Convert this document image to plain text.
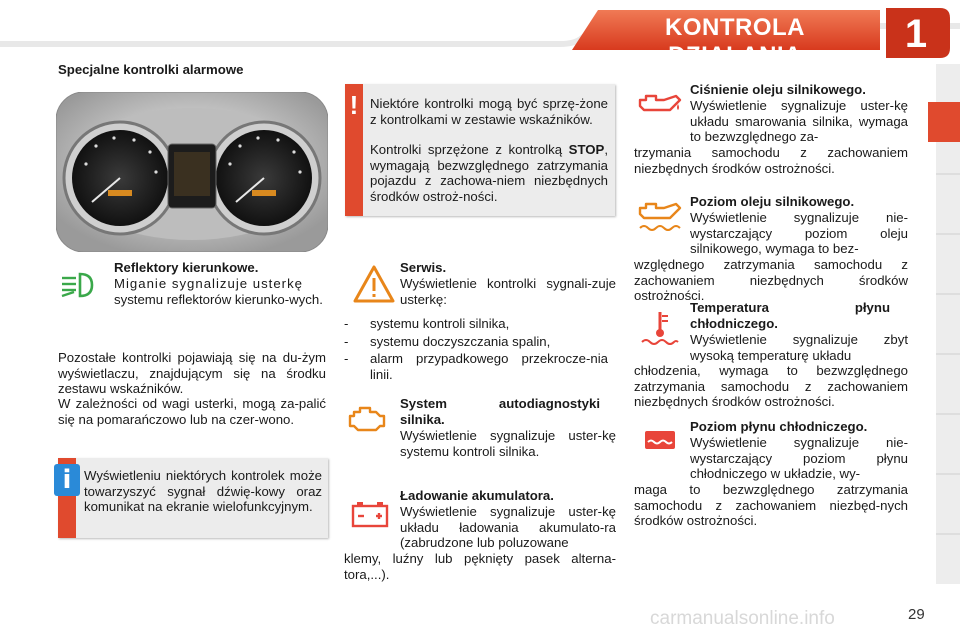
KONTROLA DZIAŁANIA	1
Specjalne kontrolki alarmowe
Reflektory kierunkowe.
Miganie sygnalizuje usterkę
systemu reflektorów kierunko-wych.
Pozostałe kontrolki pojawiają się na du-żym wyświetlaczu, znajdującym się na środku zestawu wskaźników.
W zależności od wagi usterki, mogą za-palić się na pomarańczowo lub na czer-wono.
i Wyświetleniu niektórych kontrolek może towarzyszyć sygnał dźwię-kowy oraz komunikat na ekranie wielofunkcyjnym.
! Niektóre kontrolki mogą być sprzę-żone z kontrolkami w zestawie wskaźników.
Kontrolki sprzężone z kontrolką STOP, wymagają bezwzględnego zatrzymania pojazdu z zachowa-niem niezbędnych środków ostroż-ności.
Serwis.
Wyświetlenie kontrolki sygnali-zuje usterkę:
-	systemu kontroli silnika,
-	systemu doczyszczania spalin,
-	alarm przypadkowego przekrocze-nia linii.
System autodiagnostyki silnika.
Wyświetlenie sygnalizuje uster-kę systemu kontroli silnika.
Ładowanie akumulatora.
Wyświetlenie sygnalizuje uster-kę układu ładowania akumulato-ra (zabrudzone lub poluzowane
klemy, luźny lub pęknięty pasek alterna-tora,...).
Ciśnienie oleju silnikowego.
Wyświetlenie sygnalizuje uster-kę układu smarowania silnika, wymaga to bezwzględnego za-
trzymania samochodu z zachowaniem niezbędnych środków ostrożności.
Poziom oleju silnikowego.
Wyświetlenie sygnalizuje nie-wystarczający poziom oleju silnikowego, wymaga to bez-
względnego zatrzymania samochodu z zachowaniem niezbędnych środków ostrożności.
Temperatura płynu chłodniczego.
Wyświetlenie sygnalizuje zbyt wysoką temperaturę układu
chłodzenia, wymaga to bezwzględnego zatrzymania samochodu z zachowaniem niezbędnych środków ostrożności.
Poziom płynu chłodniczego.
Wyświetlenie sygnalizuje nie-wystarczający poziom płynu chłodniczego w układzie, wy-
maga to bezwzględnego zatrzymania samochodu z zachowaniem niezbęd-nych środków ostrożności.
carmanualsonline.info	29
